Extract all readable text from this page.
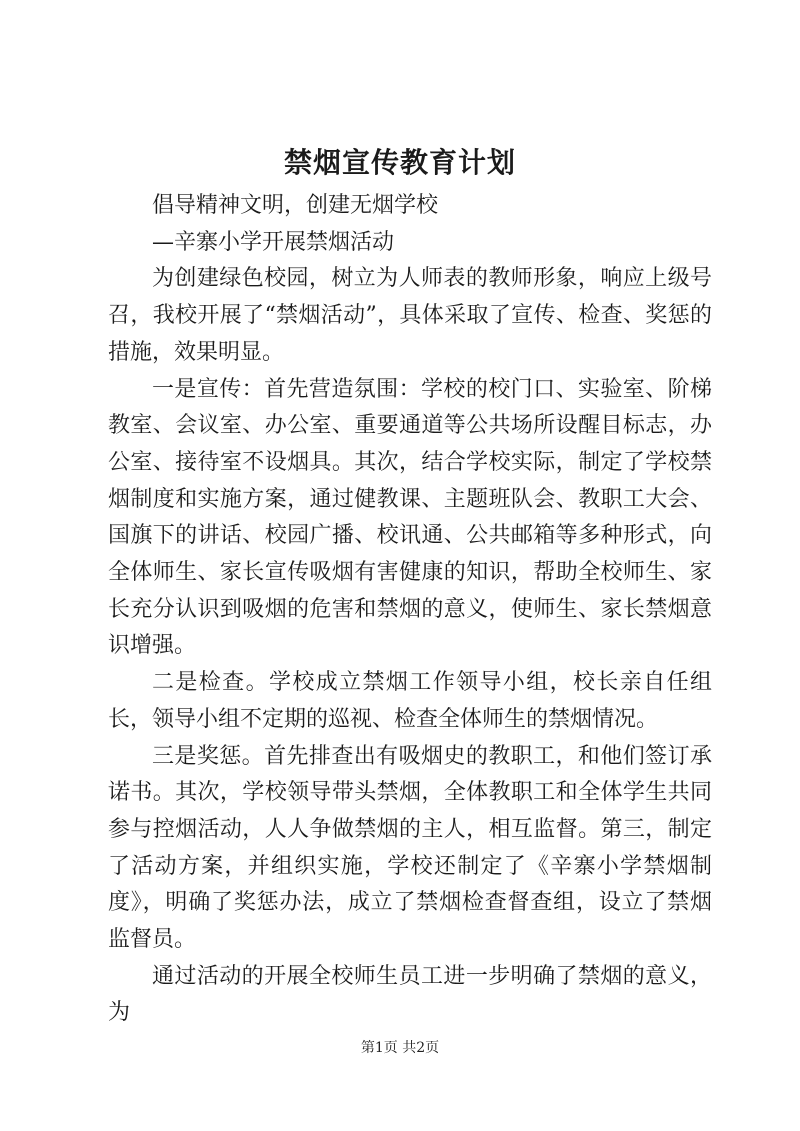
禁烟宣传教育计划

倡导精神文明，创建无烟学校

—辛寨小学开展禁烟活动

为创建绿色校园，树立为人师表的教师形象，响应上级号召，我校开展了“禁烟活动”，具体采取了宣传、检查、奖惩的措施，效果明显。

一是宣传：首先营造氛围：学校的校门口、实验室、阶梯教室、会议室、办公室、重要通道等公共场所设醒目标志，办公室、接待室不设烟具。其次，结合学校实际，制定了学校禁烟制度和实施方案，通过健教课、主题班队会、教职工大会、国旗下的讲话、校园广播、校讯通、公共邮箱等多种形式，向全体师生、家长宣传吸烟有害健康的知识，帮助全校师生、家长充分认识到吸烟的危害和禁烟的意义，使师生、家长禁烟意识增强。

二是检查。学校成立禁烟工作领导小组，校长亲自任组长，领导小组不定期的巡视、检查全体师生的禁烟情况。

三是奖惩。首先排查出有吸烟史的教职工，和他们签订承诺书。其次，学校领导带头禁烟，全体教职工和全体学生共同参与控烟活动，人人争做禁烟的主人，相互监督。第三，制定了活动方案，并组织实施，学校还制定了《辛寨小学禁烟制度》，明确了奖惩办法，成立了禁烟检查督查组，设立了禁烟监督员。

通过活动的开展全校师生员工进一步明确了禁烟的意义，为

第1页 共2页
